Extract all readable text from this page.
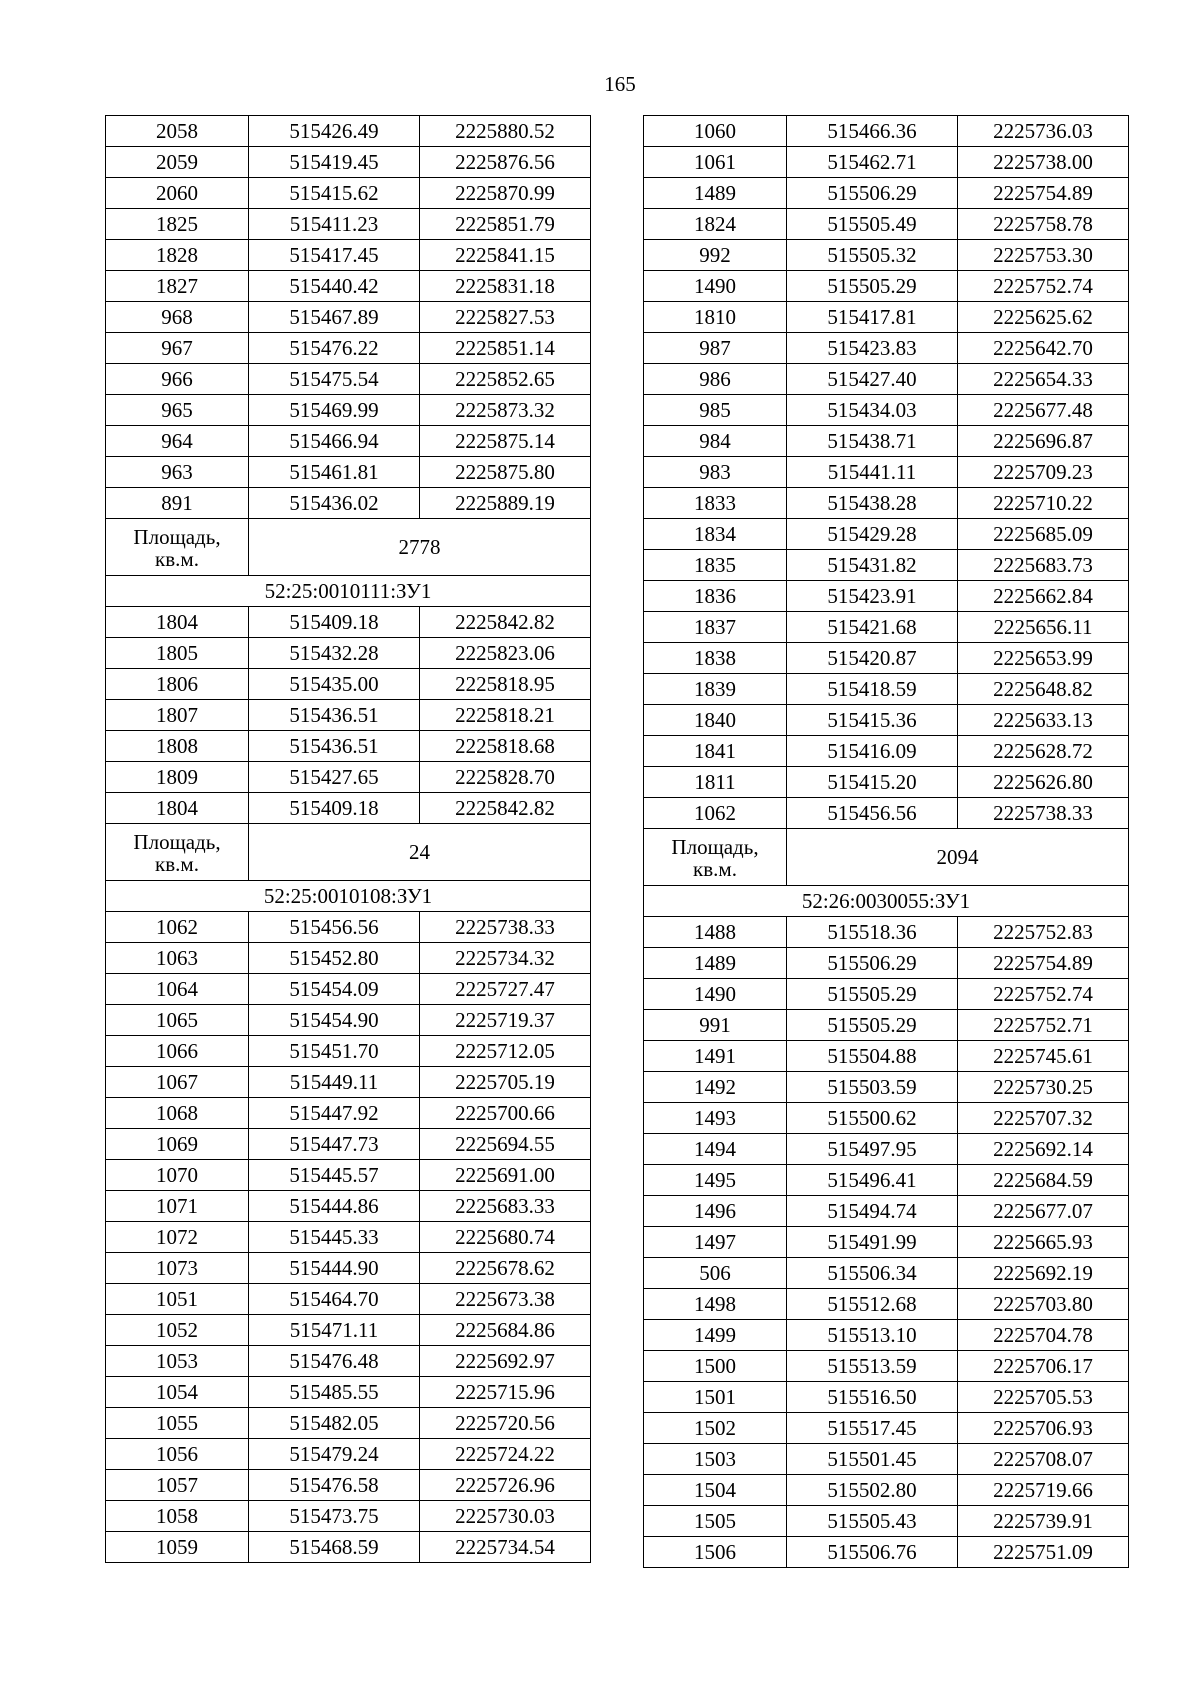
165
2058	515426.49	2225880.52
2059	515419.45	2225876.56
2060	515415.62	2225870.99
1825	515411.23	2225851.79
1828	515417.45	2225841.15
1827	515440.42	2225831.18
968	515467.89	2225827.53
967	515476.22	2225851.14
966	515475.54	2225852.65
965	515469.99	2225873.32
964	515466.94	2225875.14
963	515461.81	2225875.80
891	515436.02	2225889.19

Площадь,
кв.м.	2778	
52:25:0010111:ЗУ1		
1804	515409.18	2225842.82
1805	515432.28	2225823.06
1806	515435.00	2225818.95
1807	515436.51	2225818.21
1808	515436.51	2225818.68
1809	515427.65	2225828.70
1804	515409.18	2225842.82

Площадь,
кв.м.	24	
52:25:0010108:ЗУ1		
1062	515456.56	2225738.33
1063	515452.80	2225734.32
1064	515454.09	2225727.47
1065	515454.90	2225719.37
1066	515451.70	2225712.05
1067	515449.11	2225705.19
1068	515447.92	2225700.66
1069	515447.73	2225694.55
1070	515445.57	2225691.00
1071	515444.86	2225683.33
1072	515445.33	2225680.74
1073	515444.90	2225678.62
1051	515464.70	2225673.38
1052	515471.11	2225684.86
1053	515476.48	2225692.97
1054	515485.55	2225715.96
1055	515482.05	2225720.56
1056	515479.24	2225724.22
1057	515476.58	2225726.96
1058	515473.75	2225730.03
1059	515468.59	2225734.54
1060	515466.36	2225736.03
1061	515462.71	2225738.00
1489	515506.29	2225754.89
1824	515505.49	2225758.78
992	515505.32	2225753.30
1490	515505.29	2225752.74
1810	515417.81	2225625.62
987	515423.83	2225642.70
986	515427.40	2225654.33
985	515434.03	2225677.48
984	515438.71	2225696.87
983	515441.11	2225709.23
1833	515438.28	2225710.22
1834	515429.28	2225685.09
1835	515431.82	2225683.73
1836	515423.91	2225662.84
1837	515421.68	2225656.11
1838	515420.87	2225653.99
1839	515418.59	2225648.82
1840	515415.36	2225633.13
1841	515416.09	2225628.72
1811	515415.20	2225626.80
1062	515456.56	2225738.33

Площадь,
кв.м.	2094	
52:26:0030055:ЗУ1		
1488	515518.36	2225752.83
1489	515506.29	2225754.89
1490	515505.29	2225752.74
991	515505.29	2225752.71
1491	515504.88	2225745.61
1492	515503.59	2225730.25
1493	515500.62	2225707.32
1494	515497.95	2225692.14
1495	515496.41	2225684.59
1496	515494.74	2225677.07
1497	515491.99	2225665.93
506	515506.34	2225692.19
1498	515512.68	2225703.80
1499	515513.10	2225704.78
1500	515513.59	2225706.17
1501	515516.50	2225705.53
1502	515517.45	2225706.93
1503	515501.45	2225708.07
1504	515502.80	2225719.66
1505	515505.43	2225739.91
1506	515506.76	2225751.09
